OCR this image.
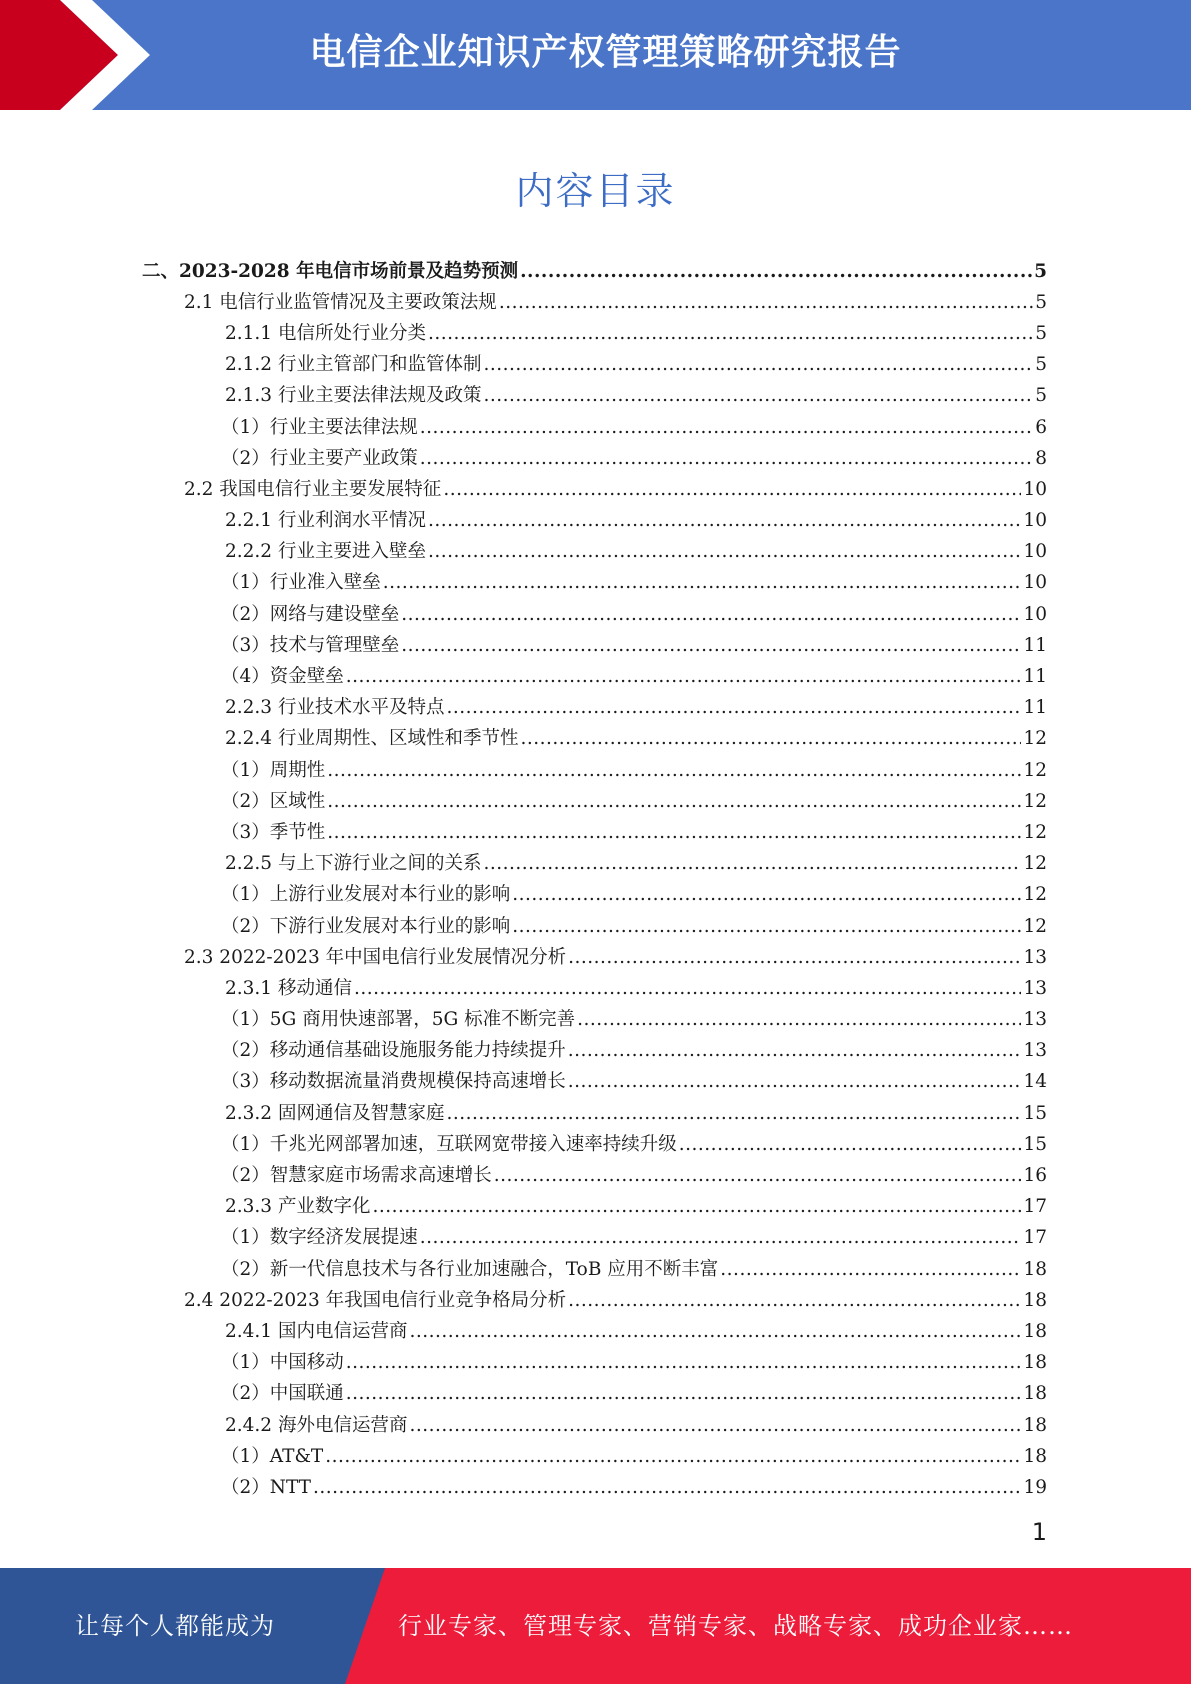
电信企业知识产权管理策略研究报告
内容目录
二、2023-2028 年电信市场前景及趋势预测 .....	5
2.1 电信行业监管情况及主要政策法规 .....	5
2.1.1 电信所处行业分类 .....	5
2.1.2 行业主管部门和监管体制 .....	5
2.1.3 行业主要法律法规及政策 .....	5
（1）行业主要法律法规 .....	6
（2）行业主要产业政策 .....	8
2.2 我国电信行业主要发展特征 .....	10
2.2.1 行业利润水平情况 .....	10
2.2.2 行业主要进入壁垒 .....	10
（1）行业准入壁垒 .....	10
（2）网络与建设壁垒 .....	10
（3）技术与管理壁垒 .....	11
（4）资金壁垒 .....	11
2.2.3 行业技术水平及特点 .....	11
2.2.4 行业周期性、区域性和季节性 .....	12
（1）周期性 .....	12
（2）区域性 .....	12
（3）季节性 .....	12
2.2.5 与上下游行业之间的关系 .....	12
（1）上游行业发展对本行业的影响 .....	12
（2）下游行业发展对本行业的影响 .....	12
2.3 2022-2023 年中国电信行业发展情况分析 .....	13
2.3.1 移动通信 .....	13
（1）5G 商用快速部署，5G 标准不断完善 .....	13
（2）移动通信基础设施服务能力持续提升 .....	13
（3）移动数据流量消费规模保持高速增长 .....	14
2.3.2 固网通信及智慧家庭 .....	15
（1）千兆光网部署加速，互联网宽带接入速率持续升级 .....	15
（2）智慧家庭市场需求高速增长 .....	16
2.3.3 产业数字化 .....	17
（1）数字经济发展提速 .....	17
（2）新一代信息技术与各行业加速融合，ToB 应用不断丰富 .....	18
2.4 2022-2023 年我国电信行业竞争格局分析 .....	18
2.4.1 国内电信运营商 .....	18
（1）中国移动 .....	18
（2）中国联通 .....	18
2.4.2 海外电信运营商 .....	18
（1）AT&T .....	18
（2）NTT .....	19
1
让每个人都能成为	行业专家、管理专家、营销专家、战略专家、成功企业家……
